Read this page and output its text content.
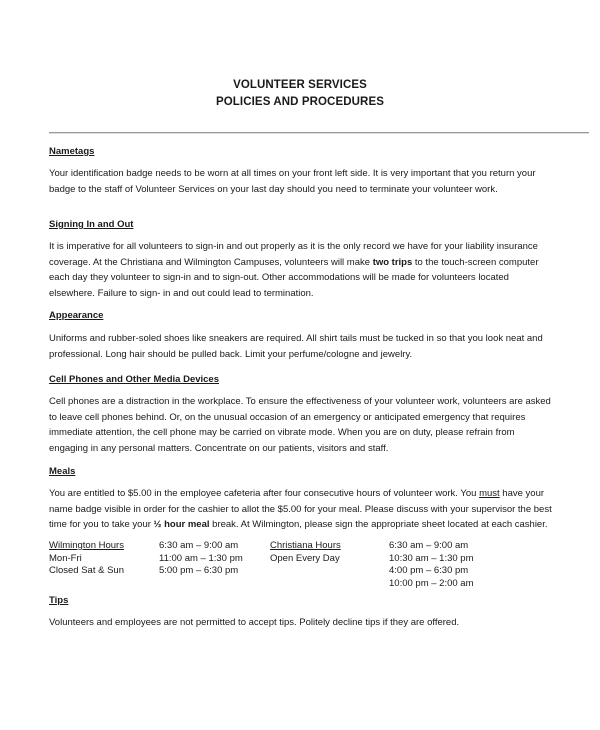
VOLUNTEER SERVICES
POLICIES AND PROCEDURES
Nametags
Your identification badge needs to be worn at all times on your front left side. It is very important that you return your
badge to the staff of Volunteer Services on your last day should you need to terminate your volunteer work.
Signing In and Out
It is imperative for all volunteers to sign-in and out properly as it is the only record we have for your liability insurance
coverage. At the Christiana and Wilmington Campuses, volunteers will make two trips to the touch-screen computer
each day they volunteer to sign-in and to sign-out. Other accommodations will be made for volunteers located
elsewhere. Failure to sign- in and out could lead to termination.
Appearance
Uniforms and rubber-soled shoes like sneakers are required. All shirt tails must be tucked in so that you look neat and
professional. Long hair should be pulled back. Limit your perfume/cologne and jewelry.
Cell Phones and Other Media Devices
Cell phones are a distraction in the workplace. To ensure the effectiveness of your volunteer work, volunteers are asked
to leave cell phones behind. Or, on the unusual occasion of an emergency or anticipated emergency that requires
immediate attention, the cell phone may be carried on vibrate mode. When you are on duty, please refrain from
engaging in any personal matters. Concentrate on our patients, visitors and staff.
Meals
You are entitled to $5.00 in the employee cafeteria after four consecutive hours of volunteer work. You must have your
name badge visible in order for the cashier to allot the $5.00 for your meal. Please discuss with your supervisor the best
time for you to take your ½ hour meal break. At Wilmington, please sign the appropriate sheet located at each cashier.
Wilmington Hours
Mon-Fri
Closed Sat & Sun
6:30 am – 9:00 am
11:00 am – 1:30 pm
5:00 pm – 6:30 pm
Christiana Hours
Open Every Day
6:30 am – 9:00 am
10:30 am – 1:30 pm
4:00 pm – 6:30 pm
10:00 pm – 2:00 am
Tips
Volunteers and employees are not permitted to accept tips. Politely decline tips if they are offered.
